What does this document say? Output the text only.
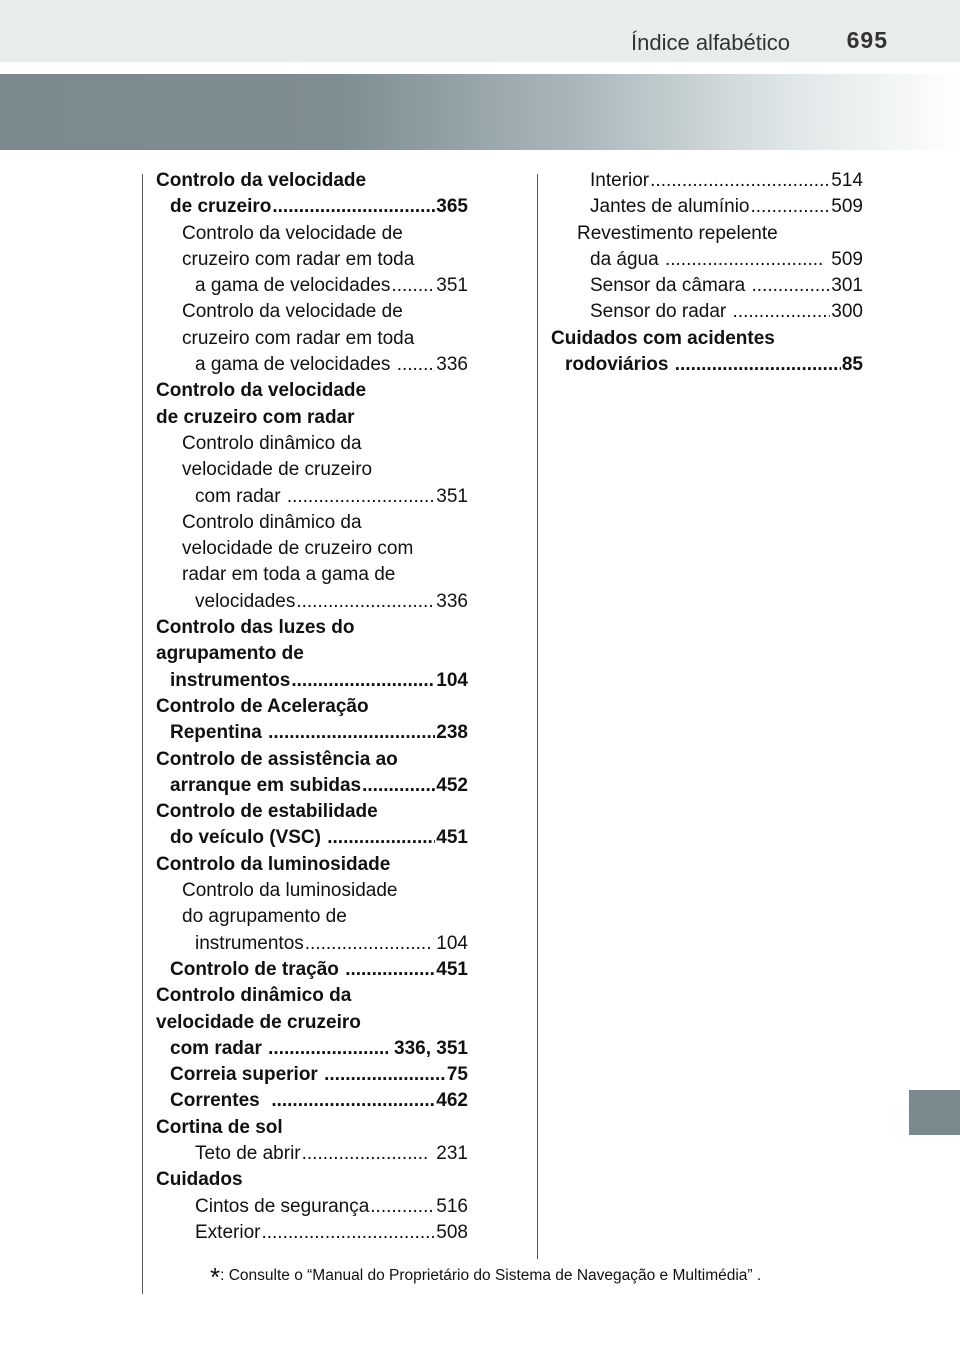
Índice alfabético 695
Controlo da velocidade
de cruzeiro .....	365
Controlo da velocidade de
cruzeiro com radar em toda
a gama de velocidades ..... 351
Controlo da velocidade de
cruzeiro com radar em toda
a gama de velocidades ..... 336
Controlo da velocidade
de cruzeiro com radar
Controlo dinâmico da
velocidade de cruzeiro
com radar .....	351
Controlo dinâmico da
velocidade de cruzeiro com
radar em toda a gama de
velocidades .....	336
Controlo das luzes do
agrupamento de
instrumentos .....	104
Controlo de Aceleração
Repentina .....	238
Controlo de assistência ao
arranque em subidas .....	452
Controlo de estabilidade
do veículo (VSC) .....	451
Controlo da luminosidade
Controlo da luminosidade
do agrupamento de
instrumentos .....	104
Controlo de tração .....	451
Controlo dinâmico da
velocidade de cruzeiro
com radar .....	336, 351
Correia superior .....	75
Correntes .....	462
Cortina de sol
Teto de abrir .....	231
Cuidados
Cintos de segurança .....	516
Exterior .....	508
Interior .....	514
Jantes de alumínio .....	509
Revestimento repelente
da água .....	509
Sensor da câmara .....	301
Sensor do radar .....	300
Cuidados com acidentes
rodoviários .....	85
*: Consulte o “Manual do Proprietário do Sistema de Navegação e Multimédia” .
